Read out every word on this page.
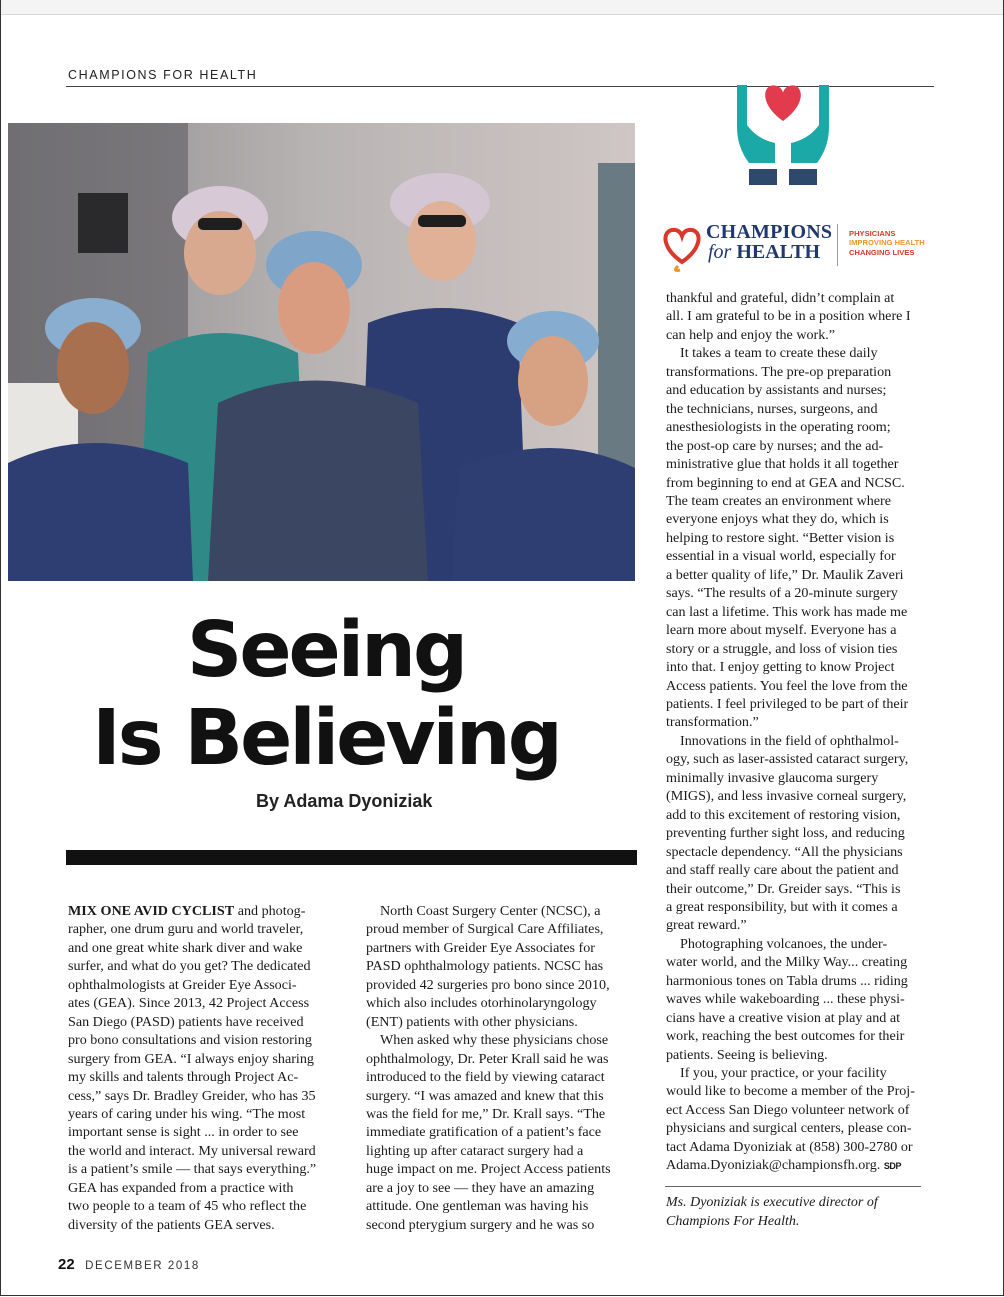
CHAMPIONS FOR HEALTH
CHAMPIONS
for HEALTH
PHYSICIANS
IMPROVING HEALTH
CHANGING LIVES
Seeing
Is Believing
By Adama Dyoniziak
MIX ONE AVID CYCLIST and photog-
rapher, one drum guru and world traveler,
and one great white shark diver and wake
surfer, and what do you get? The dedicated
ophthalmologists at Greider Eye Associ-
ates (GEA). Since 2013, 42 Project Access
San Diego (PASD) patients have received
pro bono consultations and vision restoring
surgery from GEA. “I always enjoy sharing
my skills and talents through Project Ac-
cess,” says Dr. Bradley Greider, who has 35
years of caring under his wing. “The most
important sense is sight ... in order to see
the world and interact. My universal reward
is a patient’s smile — that says everything.”
GEA has expanded from a practice with
two people to a team of 45 who reflect the
diversity of the patients GEA serves.
North Coast Surgery Center (NCSC), a
proud member of Surgical Care Affiliates,
partners with Greider Eye Associates for
PASD ophthalmology patients. NCSC has
provided 42 surgeries pro bono since 2010,
which also includes otorhinolaryngology
(ENT) patients with other physicians.
When asked why these physicians chose
ophthalmology, Dr. Peter Krall said he was
introduced to the field by viewing cataract
surgery. “I was amazed and knew that this
was the field for me,” Dr. Krall says. “The
immediate gratification of a patient’s face
lighting up after cataract surgery had a
huge impact on me. Project Access patients
are a joy to see — they have an amazing
attitude. One gentleman was having his
second pterygium surgery and he was so
thankful and grateful, didn’t complain at
all. I am grateful to be in a position where I
can help and enjoy the work.”
It takes a team to create these daily
transformations. The pre-op preparation
and education by assistants and nurses;
the technicians, nurses, surgeons, and
anesthesiologists in the operating room;
the post-op care by nurses; and the ad-
ministrative glue that holds it all together
from beginning to end at GEA and NCSC.
The team creates an environment where
everyone enjoys what they do, which is
helping to restore sight. “Better vision is
essential in a visual world, especially for
a better quality of life,” Dr. Maulik Zaveri
says. “The results of a 20-minute surgery
can last a lifetime. This work has made me
learn more about myself. Everyone has a
story or a struggle, and loss of vision ties
into that. I enjoy getting to know Project
Access patients. You feel the love from the
patients. I feel privileged to be part of their
transformation.”
Innovations in the field of ophthalmol-
ogy, such as laser-assisted cataract surgery,
minimally invasive glaucoma surgery
(MIGS), and less invasive corneal surgery,
add to this excitement of restoring vision,
preventing further sight loss, and reducing
spectacle dependency. “All the physicians
and staff really care about the patient and
their outcome,” Dr. Greider says. “This is
a great responsibility, but with it comes a
great reward.”
Photographing volcanoes, the under-
water world, and the Milky Way... creating
harmonious tones on Tabla drums ... riding
waves while wakeboarding ... these physi-
cians have a creative vision at play and at
work, reaching the best outcomes for their
patients. Seeing is believing.
If you, your practice, or your facility
would like to become a member of the Proj-
ect Access San Diego volunteer network of
physicians and surgical centers, please con-
tact Adama Dyoniziak at (858) 300-2780 or
Adama.Dyoniziak@championsfh.org. SDP
Ms. Dyoniziak is executive director of
Champions For Health.
22 DECEMBER 2018
